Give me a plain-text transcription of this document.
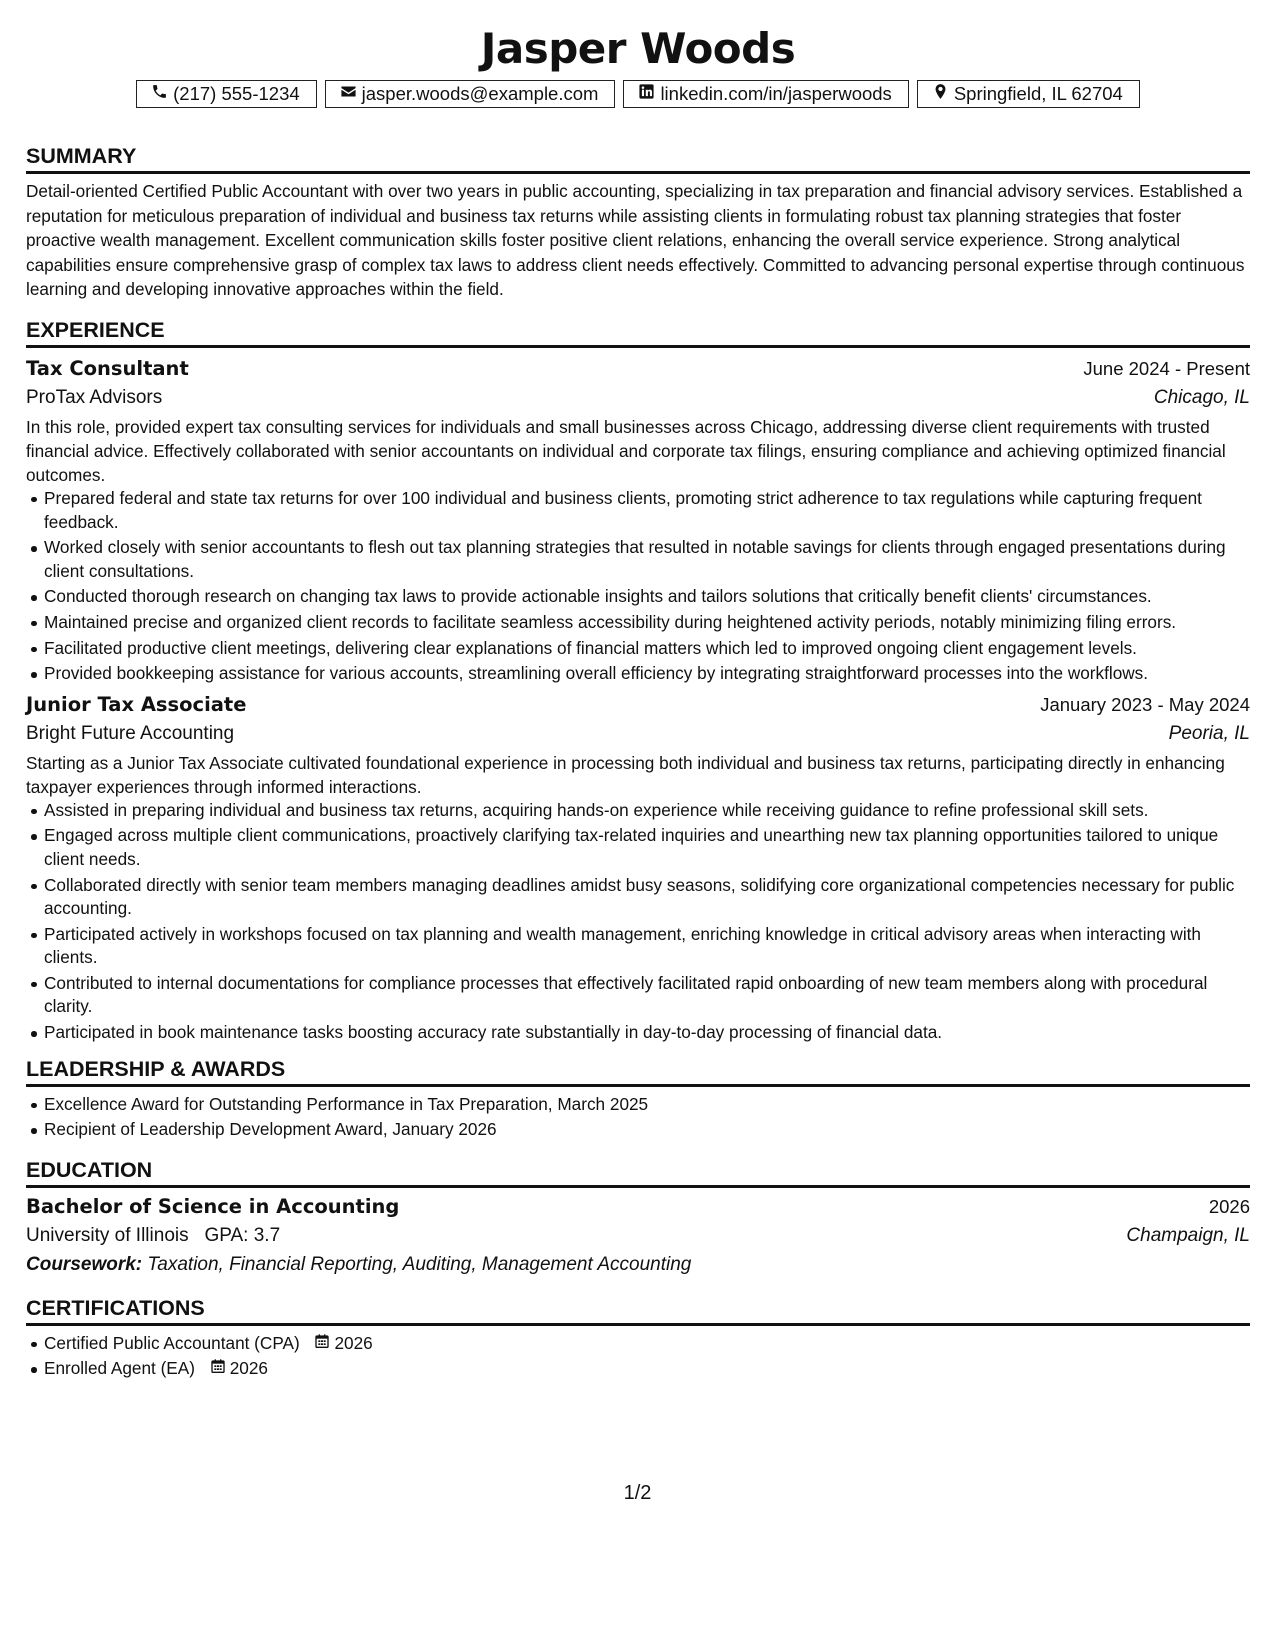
Jasper Woods
(217) 555-1234	jasper.woods@example.com	linkedin.com/in/jasperwoods	Springfield, IL 62704
SUMMARY
Detail-oriented Certified Public Accountant with over two years in public accounting, specializing in tax preparation and financial advisory services. Established a reputation for meticulous preparation of individual and business tax returns while assisting clients in formulating robust tax planning strategies that foster proactive wealth management. Excellent communication skills foster positive client relations, enhancing the overall service experience. Strong analytical capabilities ensure comprehensive grasp of complex tax laws to address client needs effectively. Committed to advancing personal expertise through continuous learning and developing innovative approaches within the field.
EXPERIENCE
Tax Consultant	June 2024 - Present
ProTax Advisors	Chicago, IL
In this role, provided expert tax consulting services for individuals and small businesses across Chicago, addressing diverse client requirements with trusted financial advice. Effectively collaborated with senior accountants on individual and corporate tax filings, ensuring compliance and achieving optimized financial outcomes.
Prepared federal and state tax returns for over 100 individual and business clients, promoting strict adherence to tax regulations while capturing frequent feedback.
Worked closely with senior accountants to flesh out tax planning strategies that resulted in notable savings for clients through engaged presentations during client consultations.
Conducted thorough research on changing tax laws to provide actionable insights and tailors solutions that critically benefit clients' circumstances.
Maintained precise and organized client records to facilitate seamless accessibility during heightened activity periods, notably minimizing filing errors.
Facilitated productive client meetings, delivering clear explanations of financial matters which led to improved ongoing client engagement levels.
Provided bookkeeping assistance for various accounts, streamlining overall efficiency by integrating straightforward processes into the workflows.
Junior Tax Associate	January 2023 - May 2024
Bright Future Accounting	Peoria, IL
Starting as a Junior Tax Associate cultivated foundational experience in processing both individual and business tax returns, participating directly in enhancing taxpayer experiences through informed interactions.
Assisted in preparing individual and business tax returns, acquiring hands-on experience while receiving guidance to refine professional skill sets.
Engaged across multiple client communications, proactively clarifying tax-related inquiries and unearthing new tax planning opportunities tailored to unique client needs.
Collaborated directly with senior team members managing deadlines amidst busy seasons, solidifying core organizational competencies necessary for public accounting.
Participated actively in workshops focused on tax planning and wealth management, enriching knowledge in critical advisory areas when interacting with clients.
Contributed to internal documentations for compliance processes that effectively facilitated rapid onboarding of new team members along with procedural clarity.
Participated in book maintenance tasks boosting accuracy rate substantially in day-to-day processing of financial data.
LEADERSHIP & AWARDS
Excellence Award for Outstanding Performance in Tax Preparation, March 2025
Recipient of Leadership Development Award, January 2026
EDUCATION
Bachelor of Science in Accounting	2026
University of Illinois GPA: 3.7	Champaign, IL
Coursework: Taxation, Financial Reporting, Auditing, Management Accounting
CERTIFICATIONS
Certified Public Accountant (CPA) 2026
Enrolled Agent (EA) 2026
1/2
